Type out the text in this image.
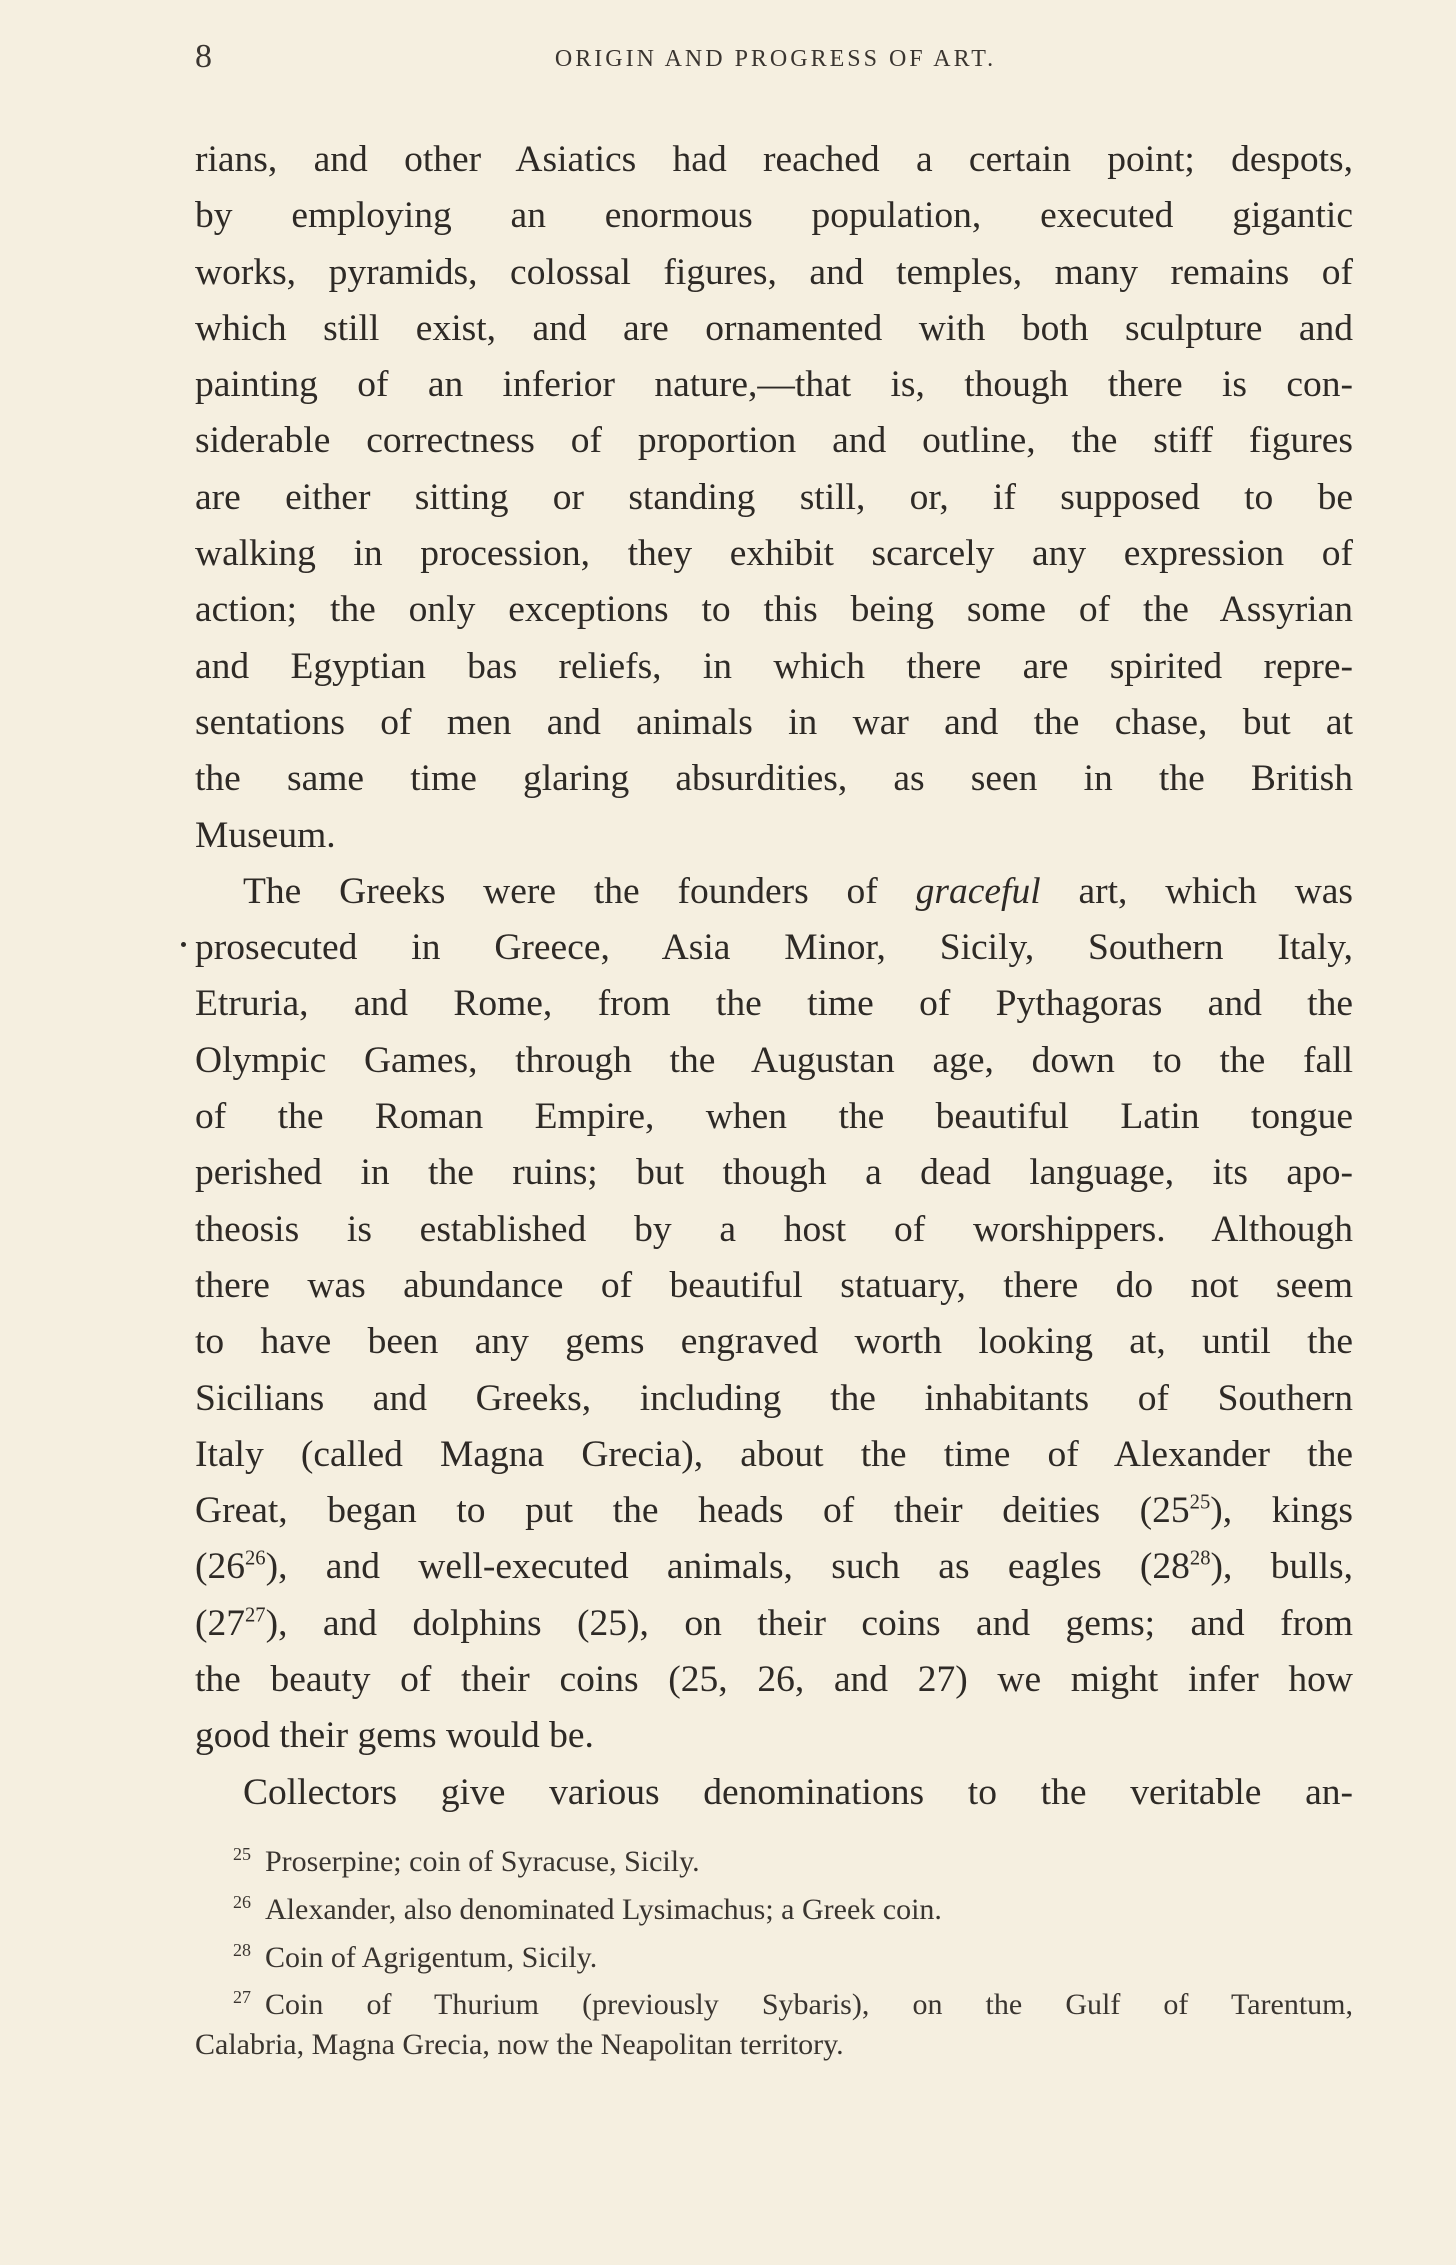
8	ORIGIN AND PROGRESS OF ART.
rians, and other Asiatics had reached a certain point; despots,
by employing an enormous population, executed gigantic
works, pyramids, colossal figures, and temples, many remains of
which still exist, and are ornamented with both sculpture and
painting of an inferior nature,—that is, though there is con-
siderable correctness of proportion and outline, the stiff figures
are either sitting or standing still, or, if supposed to be
walking in procession, they exhibit scarcely any expression of
action; the only exceptions to this being some of the Assyrian
and Egyptian bas reliefs, in which there are spirited repre-
sentations of men and animals in war and the chase, but at
the same time glaring absurdities, as seen in the British
Museum.
The Greeks were the founders of graceful art, which was
prosecuted in Greece, Asia Minor, Sicily, Southern Italy,
Etruria, and Rome, from the time of Pythagoras and the
Olympic Games, through the Augustan age, down to the fall
of the Roman Empire, when the beautiful Latin tongue
perished in the ruins; but though a dead language, its apo-
theosis is established by a host of worshippers. Although
there was abundance of beautiful statuary, there do not seem
to have been any gems engraved worth looking at, until the
Sicilians and Greeks, including the inhabitants of Southern
Italy (called Magna Grecia), about the time of Alexander the
Great, began to put the heads of their deities $(25^{25})$, kings
$(26^{26})$, and well-executed animals, such as eagles $(28^{28})$, bulls,
$(27^{27})$, and dolphins (25), on their coins and gems; and from
the beauty of their coins (25, 26, and 27) we might infer how
good their gems would be.
Collectors give various denominations to the veritable an-
$^{25}$ Proserpine; coin of Syracuse, Sicily.
$^{26}$ Alexander, also denominated Lysimachus; a Greek coin.
$^{28}$ Coin of Agrigentum, Sicily.
$^{27}$ Coin of Thurium (previously Sybaris), on the Gulf of Tarentum,
Calabria, Magna Grecia, now the Neapolitan territory.
